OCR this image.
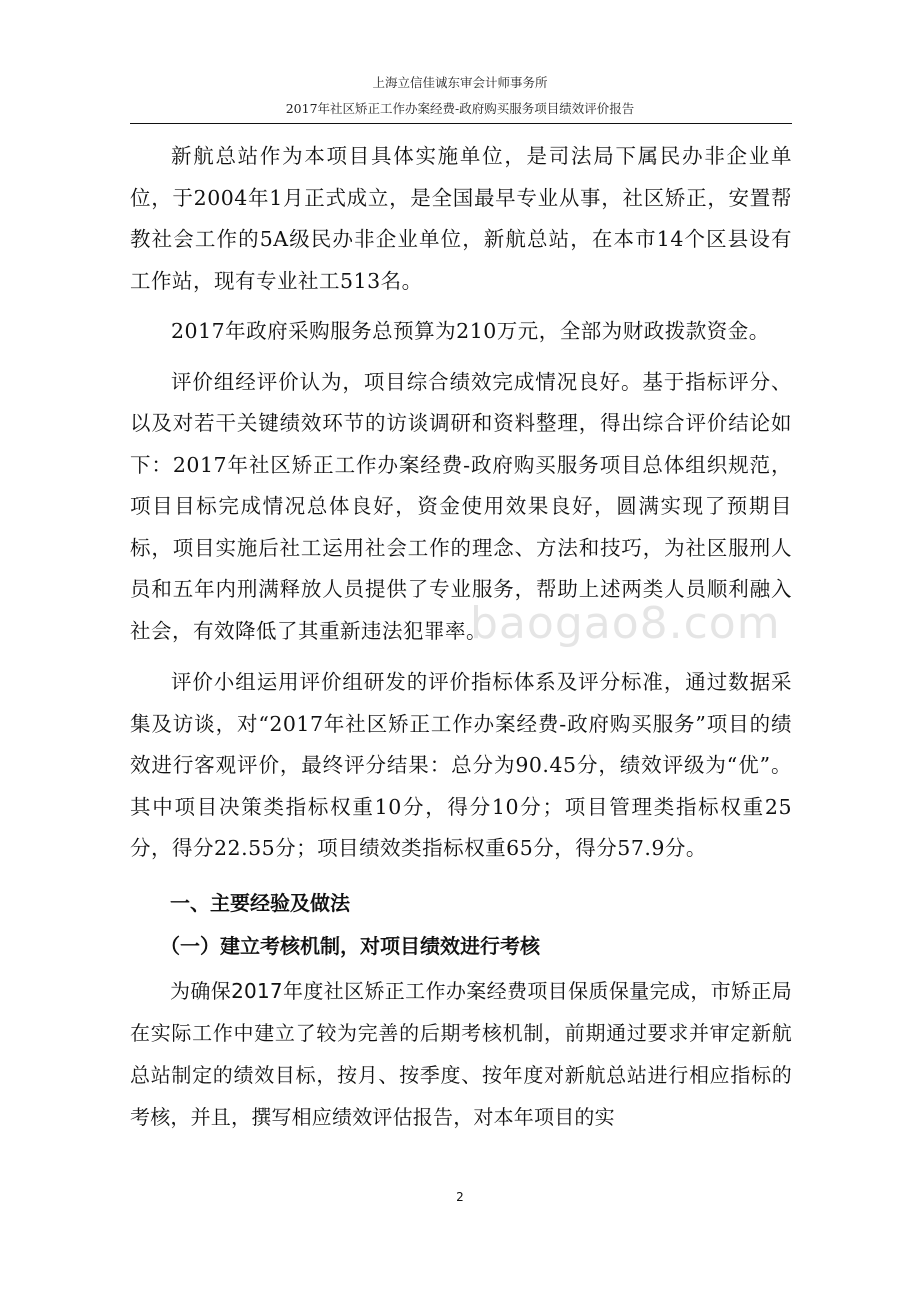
上海立信佳诚东审会计师事务所
2017年社区矫正工作办案经费-政府购买服务项目绩效评价报告

新航总站作为本项目具体实施单位，是司法局下属民办非企业单位，于2004年1月正式成立，是全国最早专业从事，社区矫正，安置帮教社会工作的5A级民办非企业单位，新航总站，在本市14个区县设有工作站，现有专业社工513名。

2017年政府采购服务总预算为210万元，全部为财政拨款资金。

评价组经评价认为，项目综合绩效完成情况良好。基于指标评分、以及对若干关键绩效环节的访谈调研和资料整理，得出综合评价结论如下：2017年社区矫正工作办案经费-政府购买服务项目总体组织规范，项目目标完成情况总体良好，资金使用效果良好，圆满实现了预期目标，项目实施后社工运用社会工作的理念、方法和技巧，为社区服刑人员和五年内刑满释放人员提供了专业服务，帮助上述两类人员顺利融入社会，有效降低了其重新违法犯罪率。

评价小组运用评价组研发的评价指标体系及评分标准，通过数据采集及访谈，对“2017年社区矫正工作办案经费-政府购买服务”项目的绩效进行客观评价，最终评分结果：总分为90.45分，绩效评级为“优”。其中项目决策类指标权重10分，得分10分；项目管理类指标权重25分，得分22.55分；项目绩效类指标权重65分，得分57.9分。

一、主要经验及做法
（一）建立考核机制，对项目绩效进行考核

为确保2017年度社区矫正工作办案经费项目保质保量完成，市矫正局在实际工作中建立了较为完善的后期考核机制，前期通过要求并审定新航总站制定的绩效目标，按月、按季度、按年度对新航总站进行相应指标的考核，并且，撰写相应绩效评估报告，对本年项目的实

baogao8.com
2
